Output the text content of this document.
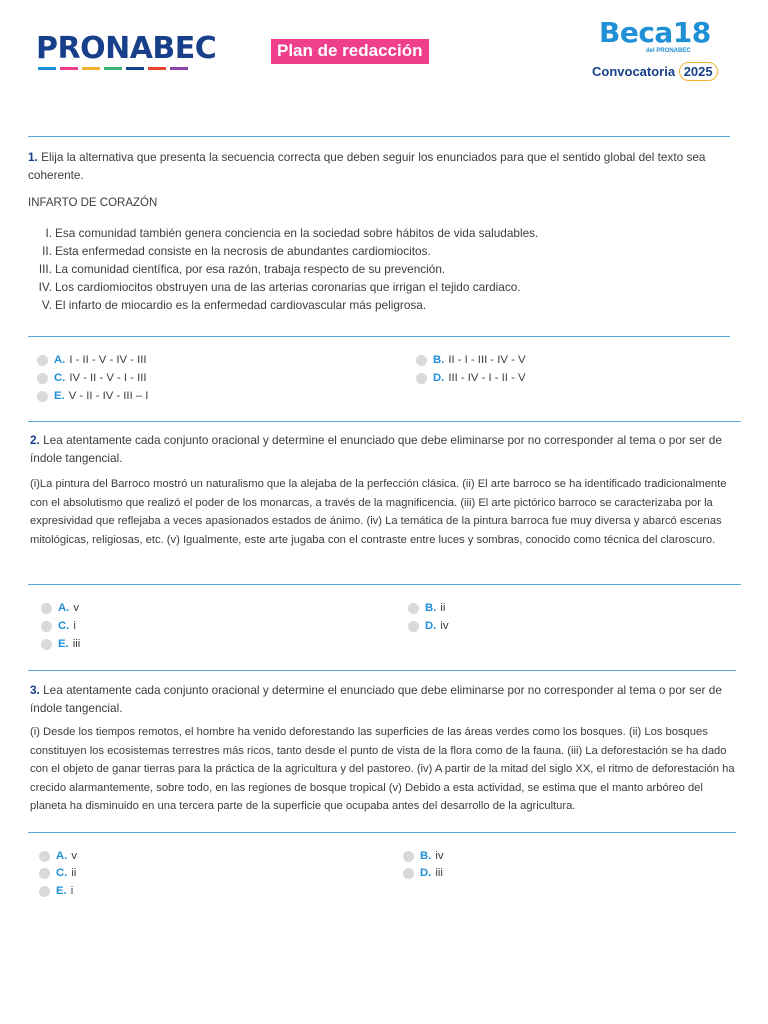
PRONABEC	Plan de redacción
Beca18
del PRONABEC
Convocatoria 2025
1. Elija la alternativa que presenta la secuencia correcta que deben seguir los enunciados para que el sentido global del texto sea coherente.
INFARTO DE CORAZÓN
I. Esa comunidad también genera conciencia en la sociedad sobre hábitos de vida saludables.
II. Esta enfermedad consiste en la necrosis de abundantes cardiomiocitos.
III. La comunidad científica, por esa razón, trabaja respecto de su prevención.
IV. Los cardiomiocitos obstruyen una de las arterias coronarias que irrigan el tejido cardiaco.
V. El infarto de miocardio es la enfermedad cardiovascular más peligrosa.
A. I - II - V - IV - III	B. II - I - III - IV - V
C. IV - II - V - I - III	D. III - IV - I - II - V
E. V - II - IV - III – I
2. Lea atentamente cada conjunto oracional y determine el enunciado que debe eliminarse por no corresponder al tema o por ser de índole tangencial.
(i)La pintura del Barroco mostró un naturalismo que la alejaba de la perfección clásica. (ii) El arte barroco se ha identificado tradicionalmente con el absolutismo que realizó el poder de los monarcas, a través de la magnificencia. (iii) El arte pictórico barroco se caracterizaba por la expresividad que reflejaba a veces apasionados estados de ánimo. (iv) La temática de la pintura barroca fue muy diversa y abarcó escenas mitológicas, religiosas, etc. (v) Igualmente, este arte jugaba con el contraste entre luces y sombras, conocido como técnica del claroscuro.
A. v	B. ii
C. i	D. iv
E. iii
3. Lea atentamente cada conjunto oracional y determine el enunciado que debe eliminarse por no corresponder al tema o por ser de índole tangencial.
(i) Desde los tiempos remotos, el hombre ha venido deforestando las superficies de las áreas verdes como los bosques. (ii) Los bosques constituyen los ecosistemas terrestres más ricos, tanto desde el punto de vista de la flora como de la fauna. (iii) La deforestación se ha dado con el objeto de ganar tierras para la práctica de la agricultura y del pastoreo. (iv) A partir de la mitad del siglo XX, el ritmo de deforestación ha crecido alarmantemente, sobre todo, en las regiones de bosque tropical (v) Debido a esta actividad, se estima que el manto arbóreo del planeta ha disminuido en una tercera parte de la superficie que ocupaba antes del desarrollo de la agricultura.
A. v	B. iv
C. ii	D. iii
E. i
